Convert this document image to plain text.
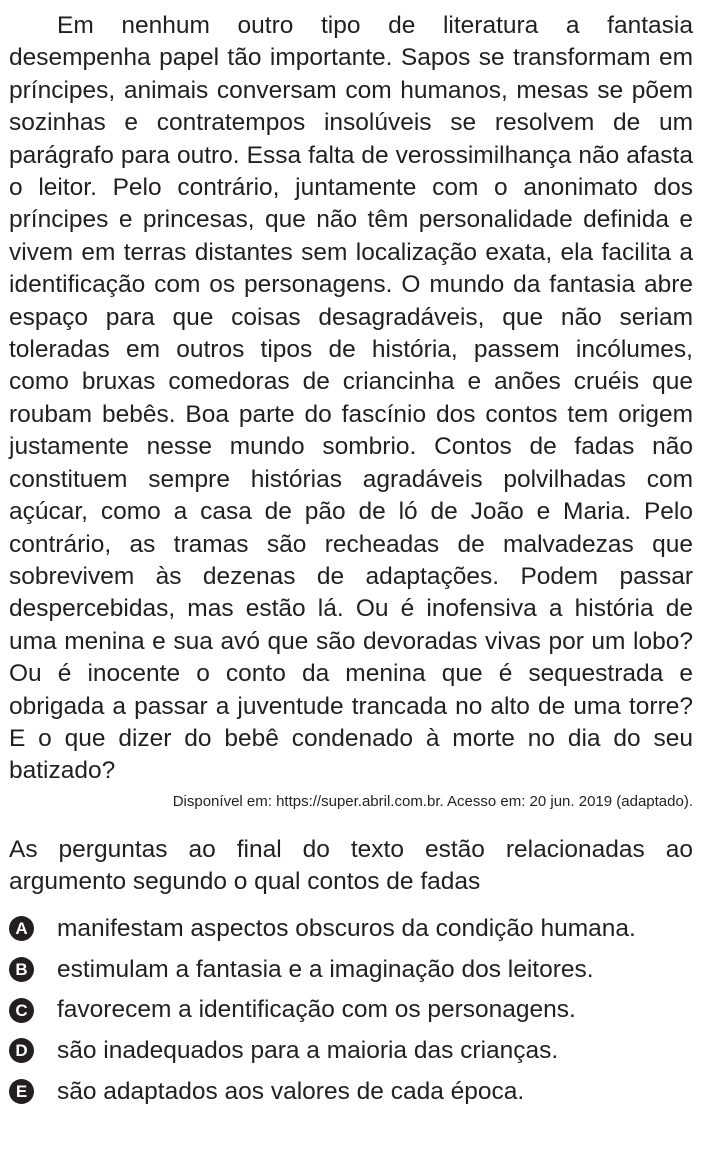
Em nenhum outro tipo de literatura a fantasia desempenha papel tão importante. Sapos se transformam em príncipes, animais conversam com humanos, mesas se põem sozinhas e contratempos insolúveis se resolvem de um parágrafo para outro. Essa falta de verossimilhança não afasta o leitor. Pelo contrário, juntamente com o anonimato dos príncipes e princesas, que não têm personalidade definida e vivem em terras distantes sem localização exata, ela facilita a identificação com os personagens. O mundo da fantasia abre espaço para que coisas desagradáveis, que não seriam toleradas em outros tipos de história, passem incólumes, como bruxas comedoras de criancinha e anões cruéis que roubam bebês. Boa parte do fascínio dos contos tem origem justamente nesse mundo sombrio. Contos de fadas não constituem sempre histórias agradáveis polvilhadas com açúcar, como a casa de pão de ló de João e Maria. Pelo contrário, as tramas são recheadas de malvadezas que sobrevivem às dezenas de adaptações. Podem passar despercebidas, mas estão lá. Ou é inofensiva a história de uma menina e sua avó que são devoradas vivas por um lobo? Ou é inocente o conto da menina que é sequestrada e obrigada a passar a juventude trancada no alto de uma torre? E o que dizer do bebê condenado à morte no dia do seu batizado?

Disponível em: https://super.abril.com.br. Acesso em: 20 jun. 2019 (adaptado).

As perguntas ao final do texto estão relacionadas ao argumento segundo o qual contos de fadas

A manifestam aspectos obscuros da condição humana.
B estimulam a fantasia e a imaginação dos leitores.
C favorecem a identificação com os personagens.
D são inadequados para a maioria das crianças.
E são adaptados aos valores de cada época.
